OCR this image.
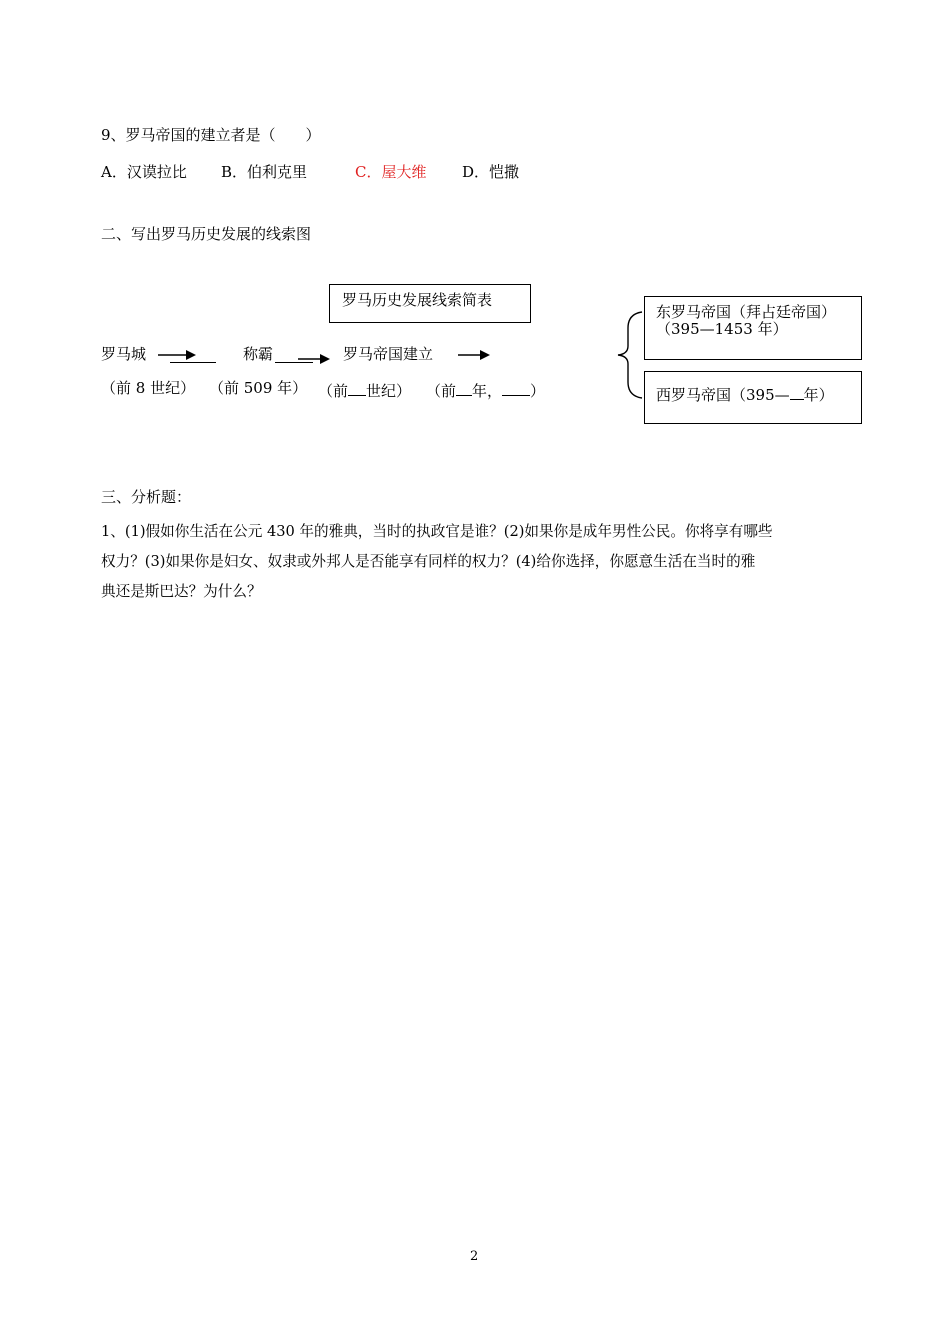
9、罗马帝国的建立者是（　　）
A．汉谟拉比 B．伯利克里	C．屋大维 D．恺撒
二、写出罗马历史发展的线索图
罗马历史发展线索简表
罗马城	称霸	罗马帝国建立
（前 8 世纪） （前 509 年） （前 世纪） （前 年， ）
东罗马帝国（拜占廷帝国）
（395—1453 年）
西罗马帝国（395— 年）
三、分析题：
1、(1)假如你生活在公元 430 年的雅典，当时的执政官是谁？(2)如果你是成年男性公民。你将享有哪些
权力？(3)如果你是妇女、奴隶或外邦人是否能享有同样的权力？(4)给你选择，你愿意生活在当时的雅
典还是斯巴达？为什么？
2
